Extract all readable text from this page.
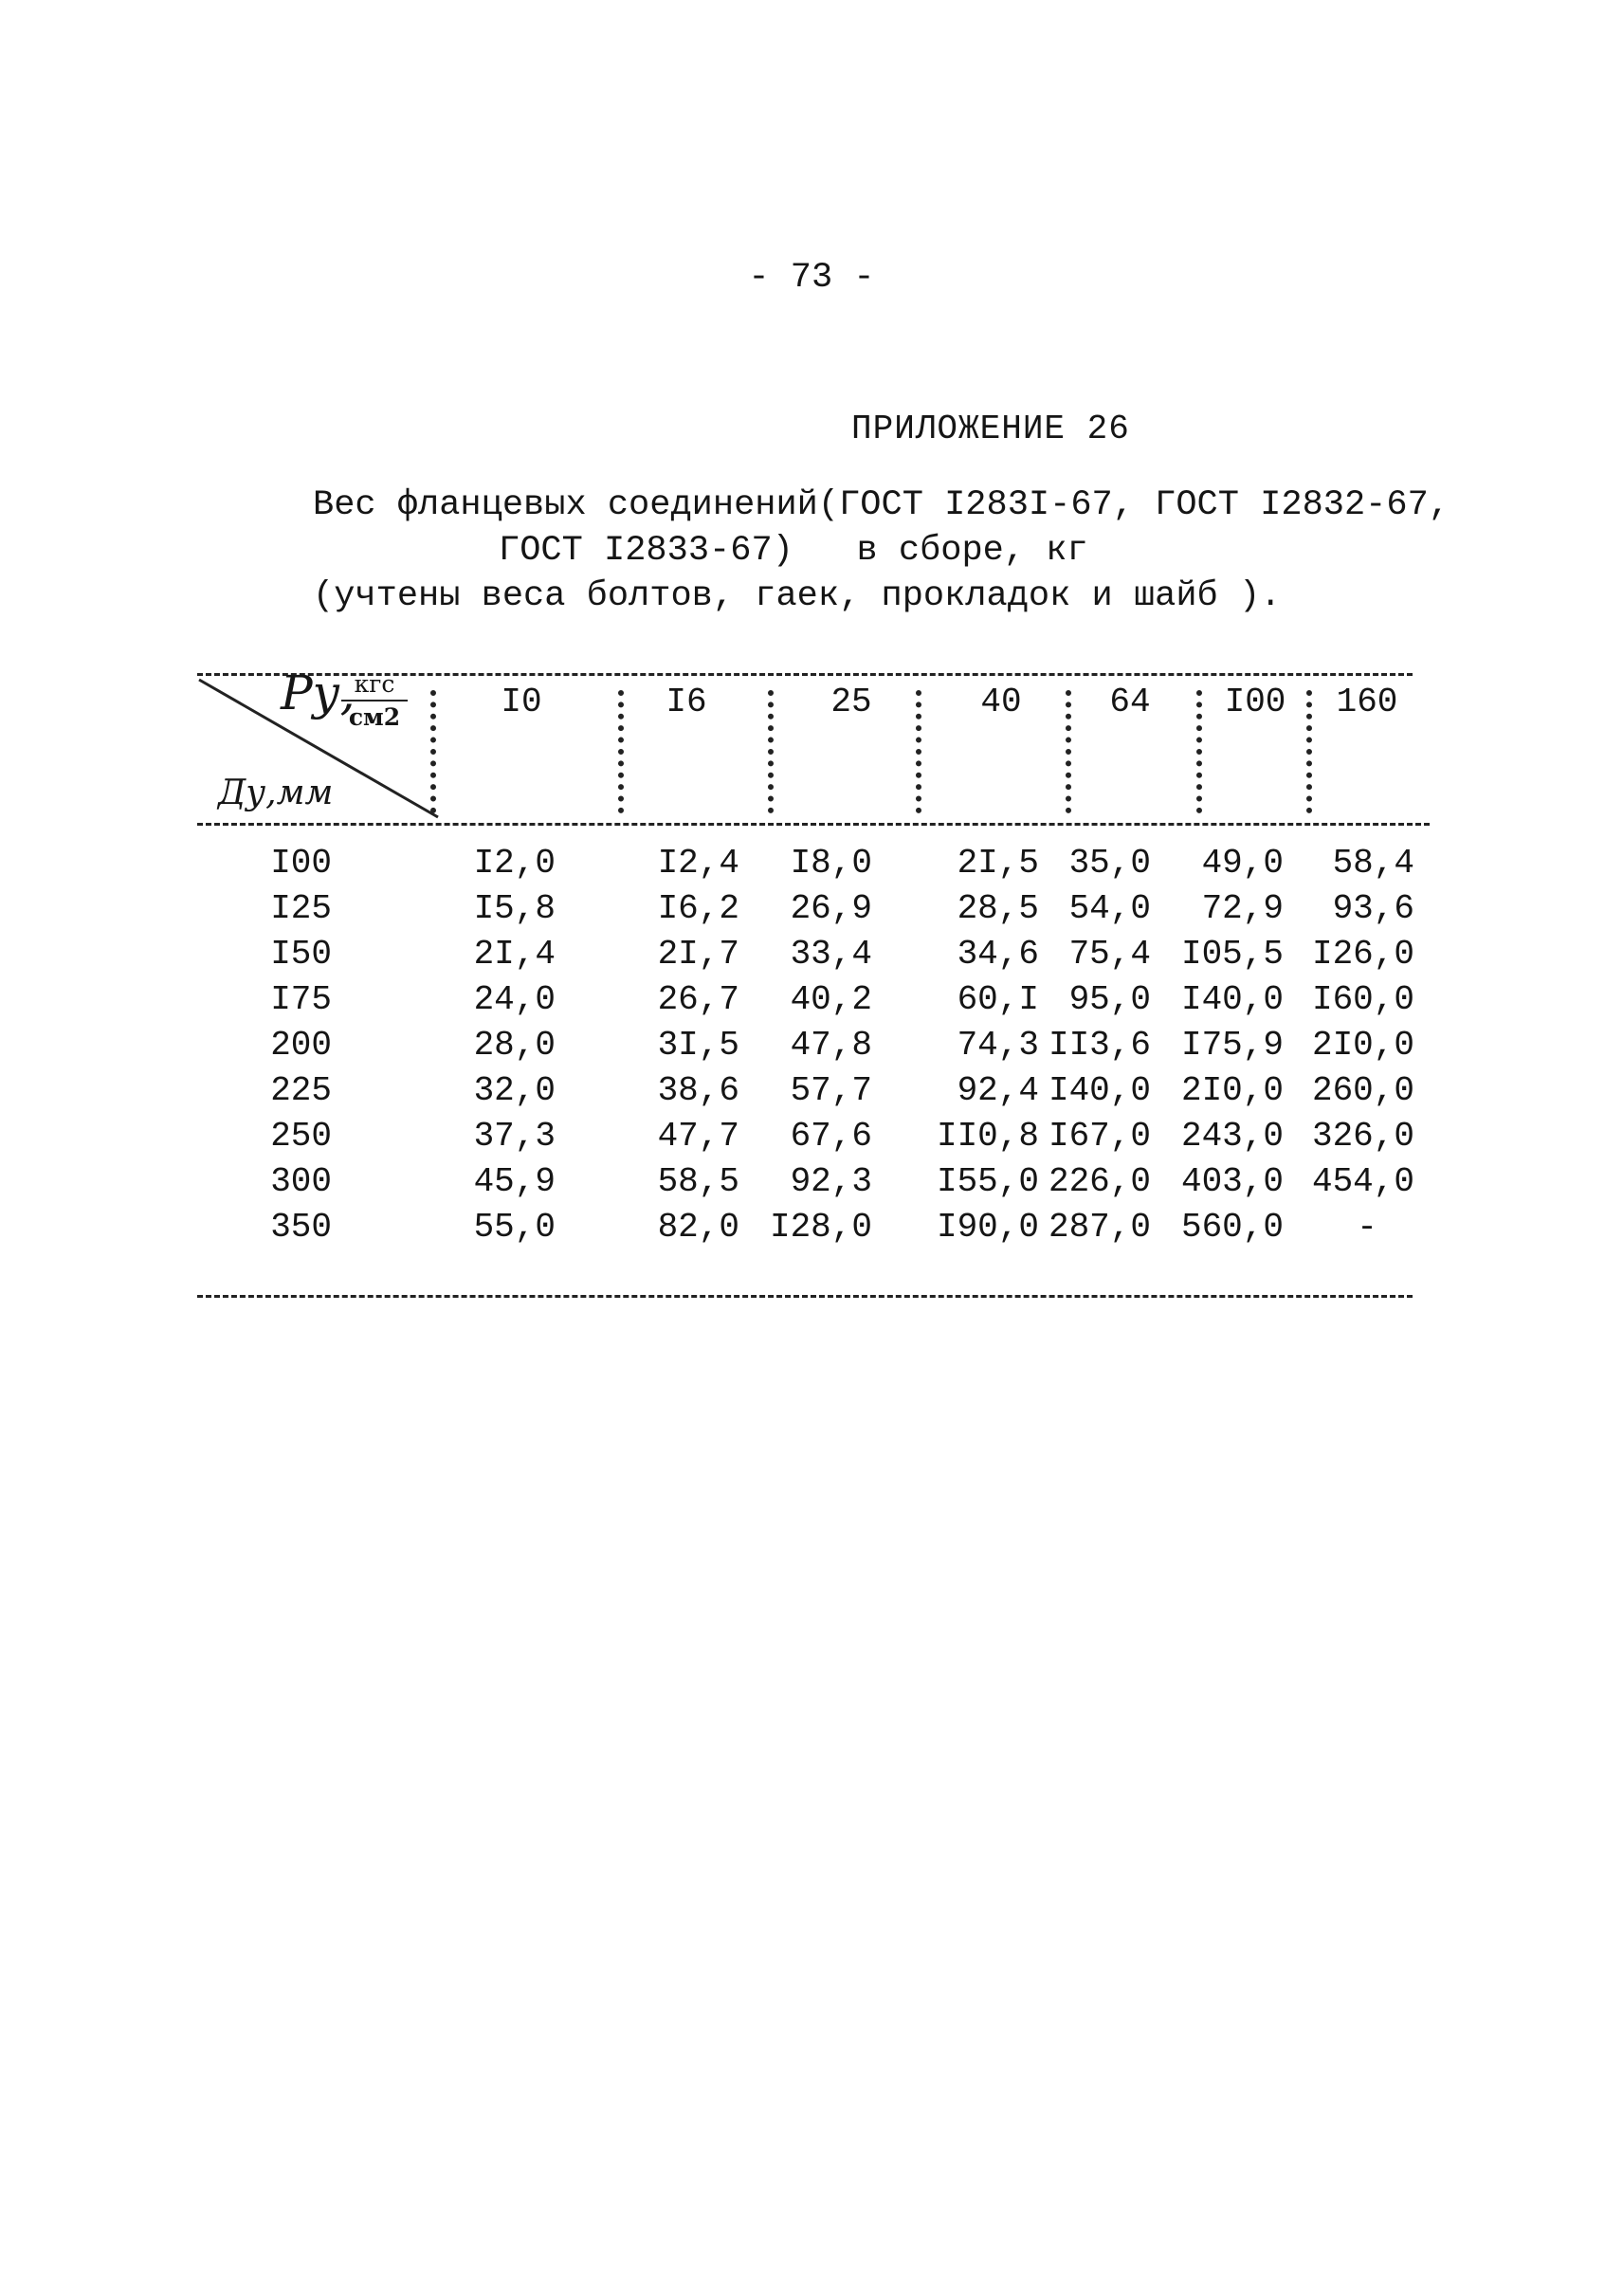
- 73 -
ПРИЛОЖЕНИЕ 26
Вес фланцевых соединений(ГОСТ I283I-67, ГОСТ I2832-67,
ГОСТ I2833-67)   в сборе, кг
(учтены веса болтов, гаек, прокладок и шайб ).
Ру, кгс
см2
Ду,мм
I0	I6	25	40	64	I00	160
I00	I2,0	I2,4	I8,0	2I,5 35,0	49,0	58,4
I25	I5,8	I6,2	26,9	28,5 54,0	72,9	93,6
I50	2I,4	2I,7	33,4	34,6 75,4 I05,5 I26,0
I75	24,0	26,7	40,2	60,I 95,0 I40,0 I60,0
200	28,0	3I,5	47,8	74,3 II3,6 I75,9 2I0,0
225	32,0	38,6	57,7	92,4 I40,0 2I0,0 260,0
250	37,3	47,7	67,6	II0,8 I67,0 243,0 326,0
300	45,9	58,5	92,3	I55,0 226,0 403,0 454,0
350	55,0	82,0 I28,0	I90,0 287,0 560,0	-
